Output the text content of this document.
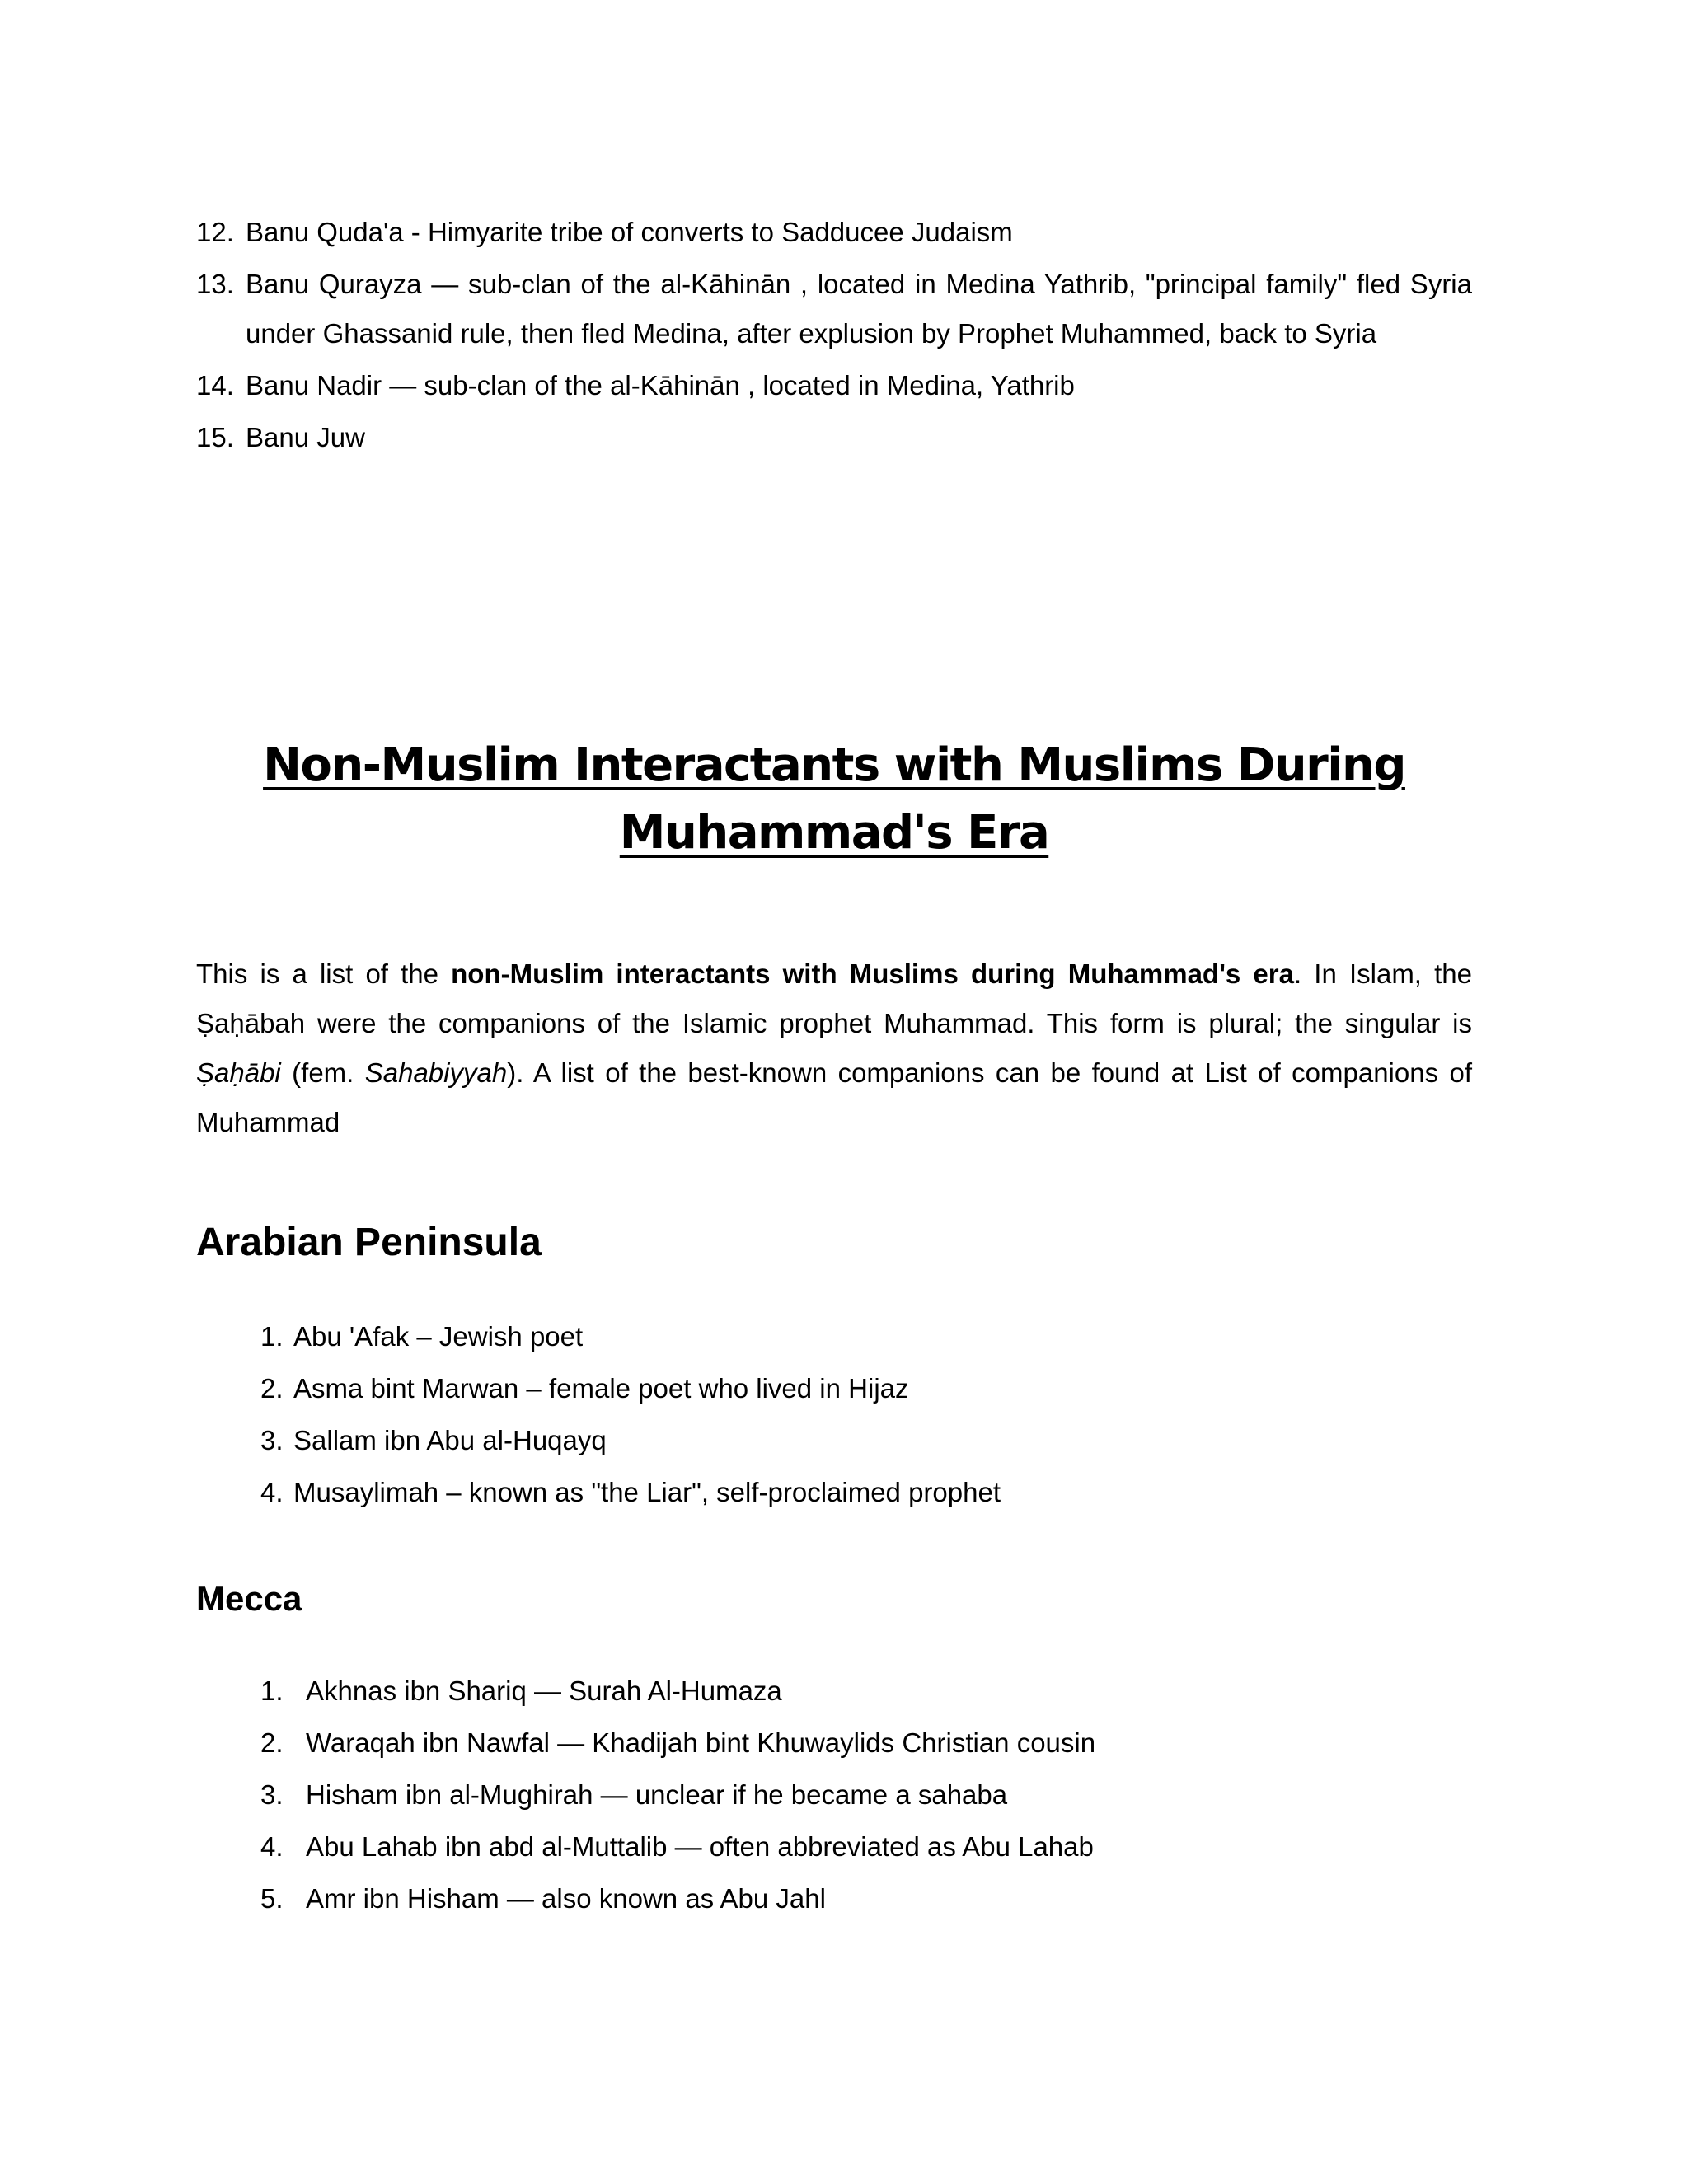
12. Banu Quda'a - Himyarite tribe of converts to Sadducee Judaism
13. Banu Qurayza — sub-clan of the al-Kāhinān , located in Medina Yathrib, "principal family" fled Syria under Ghassanid rule, then fled Medina, after explusion by Prophet Muhammed, back to Syria
14. Banu Nadir — sub-clan of the al-Kāhinān , located in Medina, Yathrib
15. Banu Juw
Non-Muslim Interactants with Muslims During
Muhammad's Era

This is a list of the non-Muslim interactants with Muslims during Muhammad's era. In Islam, the Ṣaḥābah were the companions of the Islamic prophet Muhammad. This form is plural; the singular is Ṣaḥābi (fem. Sahabiyyah). A list of the best-known companions can be found at List of companions of Muhammad

Arabian Peninsula
1. Abu 'Afak – Jewish poet
2. Asma bint Marwan – female poet who lived in Hijaz
3. Sallam ibn Abu al-Huqayq
4. Musaylimah – known as "the Liar", self-proclaimed prophet
Mecca
1. Akhnas ibn Shariq — Surah Al-Humaza
2. Waraqah ibn Nawfal — Khadijah bint Khuwaylids Christian cousin
3. Hisham ibn al-Mughirah — unclear if he became a sahaba
4. Abu Lahab ibn abd al-Muttalib — often abbreviated as Abu Lahab
5. Amr ibn Hisham — also known as Abu Jahl
